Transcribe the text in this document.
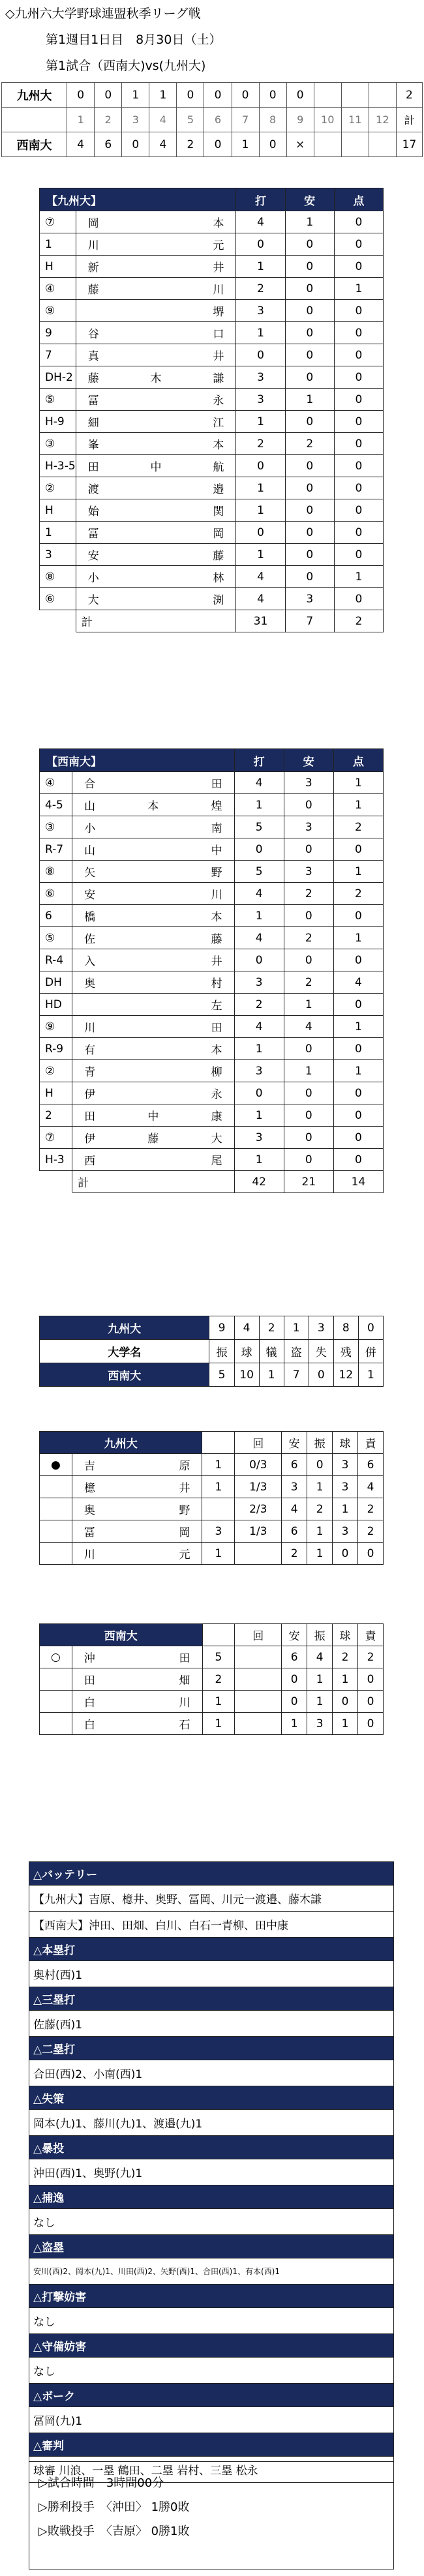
◇九州六大学野球連盟秋季リーグ戦
第1週目1日目　8月30日（土）
第1試合（西南大)vs(九州大)
九州大	0	0	1	1	0	0	0	0	0				2
	1	2	3	4	5	6	7	8	9	10	11	12	計
西南大	4	6	0	4	2	0	1	0	×				17
【九州大】		打	安	点
⑦	岡 本	4	1	0
1	川 元	0	0	0
H	新 井	1	0	0
④	藤 川	2	0	1
⑨	堺	3	0	0
9	谷 口	1	0	0
7	真 井	0	0	0
DH-2	藤 木 謙	3	0	0
⑤	冨 永	3	1	0
H-9	細 江	1	0	0
③	峯 本	2	2	0
H-3-5	田 中 航	0	0	0
②	渡 邉	1	0	0
H	始 関	1	0	0
1	冨 岡	0	0	0
3	安 藤	1	0	0
⑧	小 林	4	0	1
⑥	大 渕	4	3	0
	計	31	7	2
【西南大】		打	安	点
④	合 田	4	3	1
4-5	山 本 煌	1	0	1
③	小 南	5	3	2
R-7	山 中	0	0	0
⑧	矢 野	5	3	1
⑥	安 川	4	2	2
6	橋 本	1	0	0
⑤	佐 藤	4	2	1
R-4	入 井	0	0	0
DH	奥 村	3	2	4
HD	左	2	1	0
⑨	川 田	4	4	1
R-9	有 本	1	0	0
②	青 柳	3	1	1
H	伊 永	0	0	0
2	田 中 康	1	0	0
⑦	伊 藤 大	3	0	0
H-3	西 尾	1	0	0
	計	42	21	14
九州大	9	4	2	1	3	8	0
大学名	振	球	犠	盗	失	残	併
西南大	5	10	1	7	0	12	1
九州大			回	安	振	球	責
●	吉 原	1	0/3	6	0	3	6

	檍 井	1	1/3	3	1	3	4

	奥 野		2/3	4	2	1	2

	冨 岡	3	1/3	6	1	3	2

	川 元	1		2	1	0	0
西南大			回	安	振	球	責
○	沖 田	5		6	4	2	2

	田 畑	2		0	1	1	0

	白 川	1		0	1	0	0

	白 石	1		1	3	1	0
△バッテリー
【九州大】吉原、檍井、奥野、冨岡、川元一渡邉、藤木謙
【西南大】沖田、田畑、白川、白石一青柳、田中康
△本塁打
奥村(西)1
△三塁打
佐藤(西)1
△二塁打
合田(西)2、小南(西)1
△失策
岡本(九)1、藤川(九)1、渡邉(九)1
△暴投
沖田(西)1、奥野(九)1
△捕逸
なし
△盗塁
安川(西)2、岡本(九)1、川田(西)2、矢野(西)1、合田(西)1、有本(西)1
△打撃妨害
なし
△守備妨害
なし
△ボーク
冨岡(九)1
△審判
球審 川浪、一塁 鶴田、二塁 岩村、三塁 松永
▷試合時間　3時間00分
▷勝利投手　〈沖田〉 1勝0敗
▷敗戦投手　〈吉原〉 0勝1敗
